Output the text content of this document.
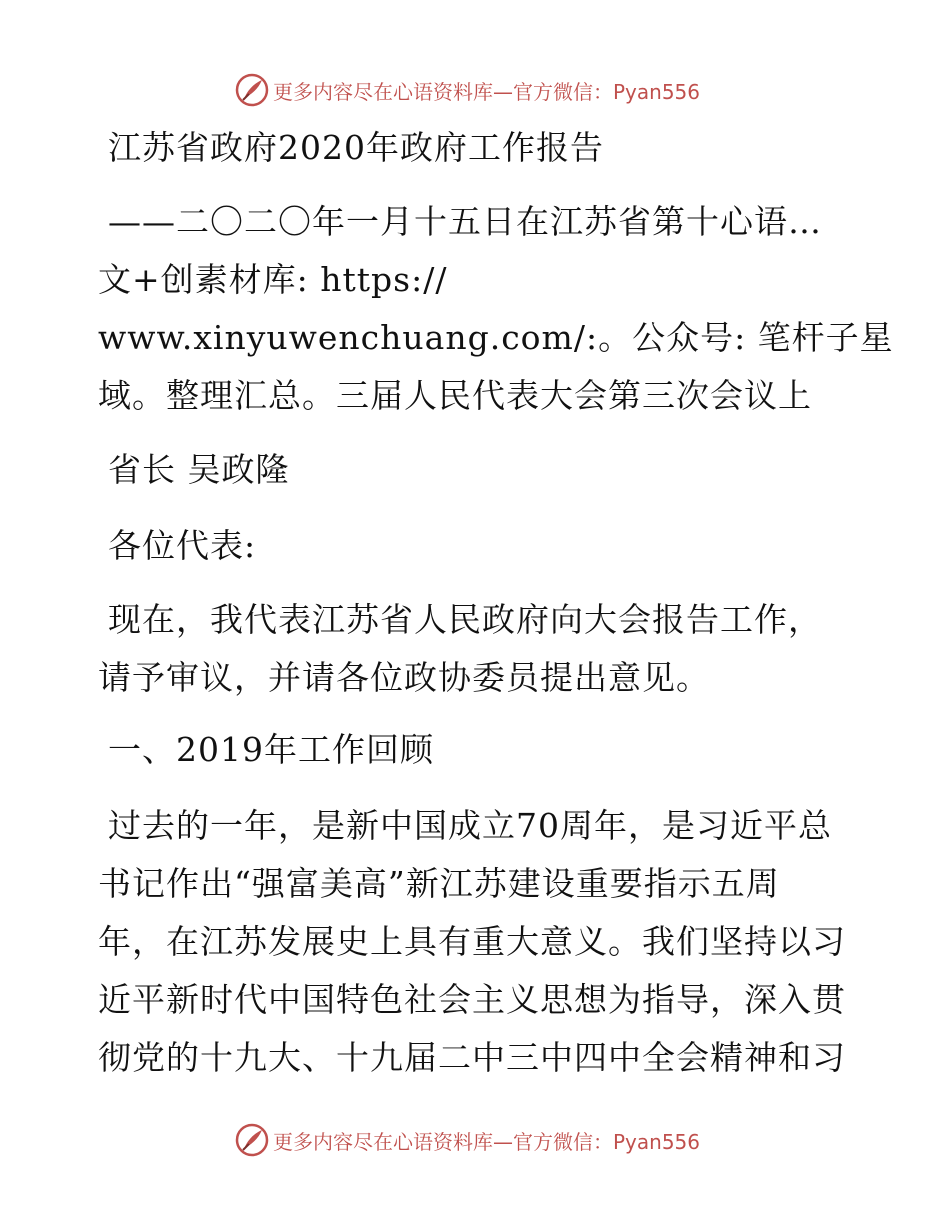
更多内容尽在心语资料库—官方微信：Pyan556
江苏省政府2020年政府工作报告
——二〇二〇年一月十五日在江苏省第十心语…
文+创素材库: https://
www.xinyuwenchuang.com/:。公众号: 笔杆子星
域。整理汇总。三届人民代表大会第三次会议上
省长 吴政隆
各位代表:
现在，我代表江苏省人民政府向大会报告工作，
请予审议，并请各位政协委员提出意见。
一、2019年工作回顾
过去的一年，是新中国成立70周年，是习近平总
书记作出“强富美高”新江苏建设重要指示五周
年，在江苏发展史上具有重大意义。我们坚持以习
近平新时代中国特色社会主义思想为指导，深入贯
彻党的十九大、十九届二中三中四中全会精神和习
更多内容尽在心语资料库—官方微信：Pyan556
